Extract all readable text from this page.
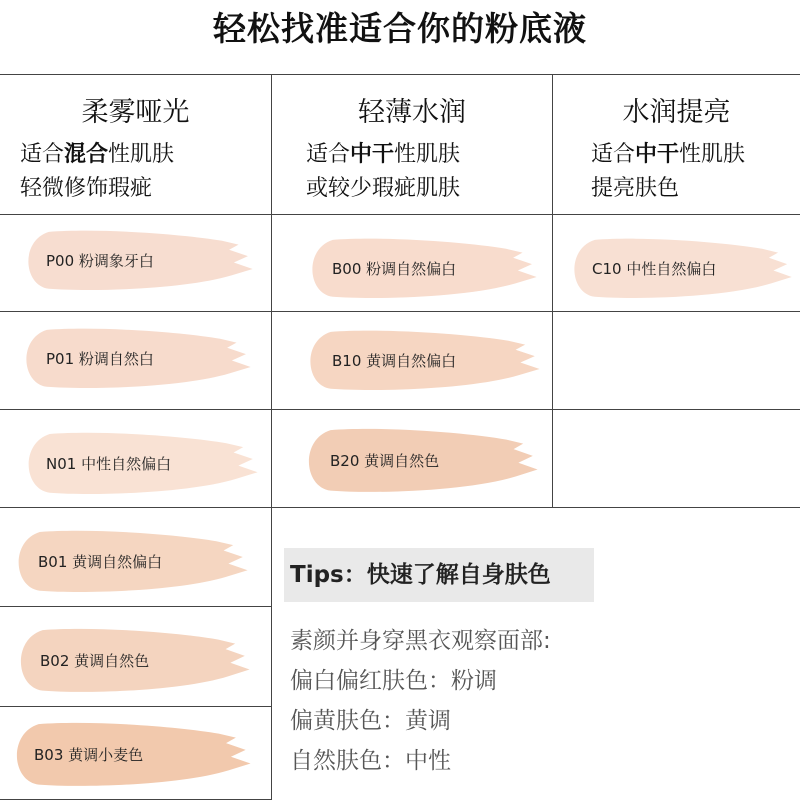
轻松找准适合你的粉底液
柔雾哑光
适合混合性肌肤
轻微修饰瑕疵
轻薄水润
适合中干性肌肤
或较少瑕疵肌肤
水润提亮
适合中干性肌肤
提亮肤色
P00 粉调象牙白
P01 粉调自然白
N01 中性自然偏白
B01 黄调自然偏白
B02 黄调自然色
B03 黄调小麦色
B00 粉调自然偏白
B10 黄调自然偏白
B20 黄调自然色
C10 中性自然偏白
Tips：快速了解自身肤色
素颜并身穿黑衣观察面部:
偏白偏红肤色：粉调
偏黄肤色：黄调
自然肤色：中性
